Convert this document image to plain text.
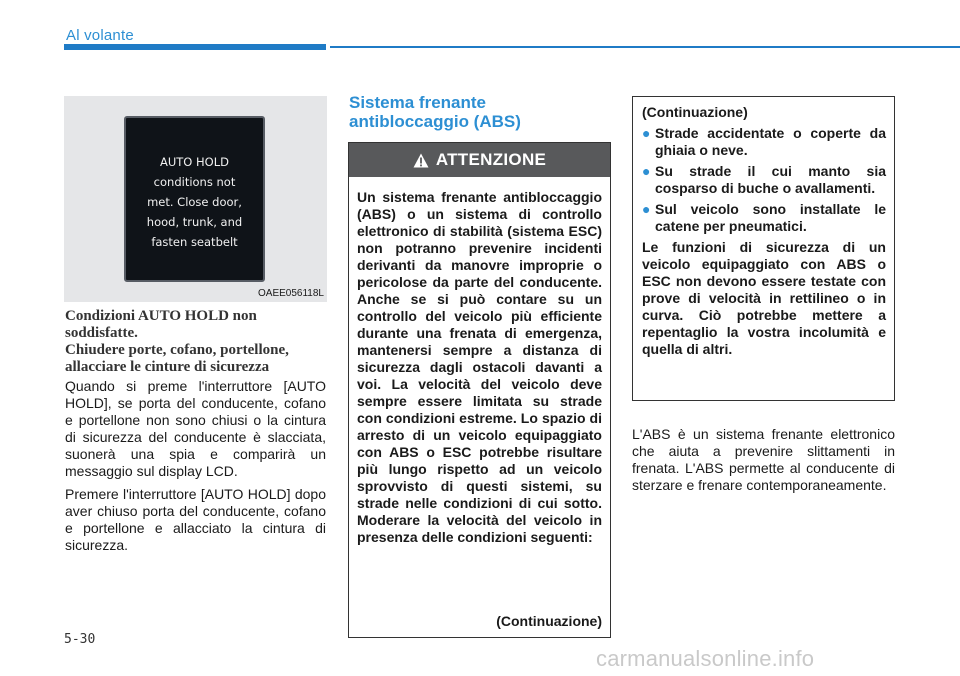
Al volante
AUTO HOLD
conditions not
met. Close door,
hood, trunk, and
fasten seatbelt
OAEE056118L
Condizioni AUTO HOLD non
soddisfatte.
Chiudere porte, cofano, portellone,
allacciare le cinture di sicurezza

Quando si preme l'interruttore [AUTO HOLD], se porta del conducente, cofano e portellone non sono chiusi o la cintura di sicurezza del conducente è slacciata, suonerà una spia e comparirà un messaggio sul display LCD.

Premere l'interruttore [AUTO HOLD] dopo aver chiuso porta del conducente, cofano e portellone e allacciato la cintura di sicurezza.

Sistema frenante
antibloccaggio (ABS)
ATTENZIONE
Un sistema frenante antibloccaggio (ABS) o un sistema di controllo elettronico di stabilità (sistema ESC) non potranno prevenire incidenti derivanti da manovre improprie o pericolose da parte del conducente. Anche se si può contare su un controllo del veicolo più efficiente durante una frenata di emergenza, mantenersi sempre a distanza di sicurezza dagli ostacoli davanti a voi. La velocità del veicolo deve sempre essere limitata su strade con condizioni estreme. Lo spazio di arresto di un veicolo equipaggiato con ABS o ESC potrebbe risultare più lungo rispetto ad un veicolo sprovvisto di questi sistemi, su strade nelle condizioni di cui sotto. Moderare la velocità del veicolo in presenza delle condizioni seguenti:
(Continuazione)
(Continuazione)
● Strade accidentate o coperte da ghiaia o neve.
● Su strade il cui manto sia cosparso di buche o avallamenti.
● Sul veicolo sono installate le catene per pneumatici.
Le funzioni di sicurezza di un veicolo equipaggiato con ABS o ESC non devono essere testate con prove di velocità in rettilineo o in curva. Ciò potrebbe mettere a repentaglio la vostra incolumità e quella di altri.
L'ABS è un sistema frenante elettronico che aiuta a prevenire slittamenti in frenata. L'ABS permette al conducente di sterzare e frenare contemporaneamente.
5-30
carmanualsonline.info
